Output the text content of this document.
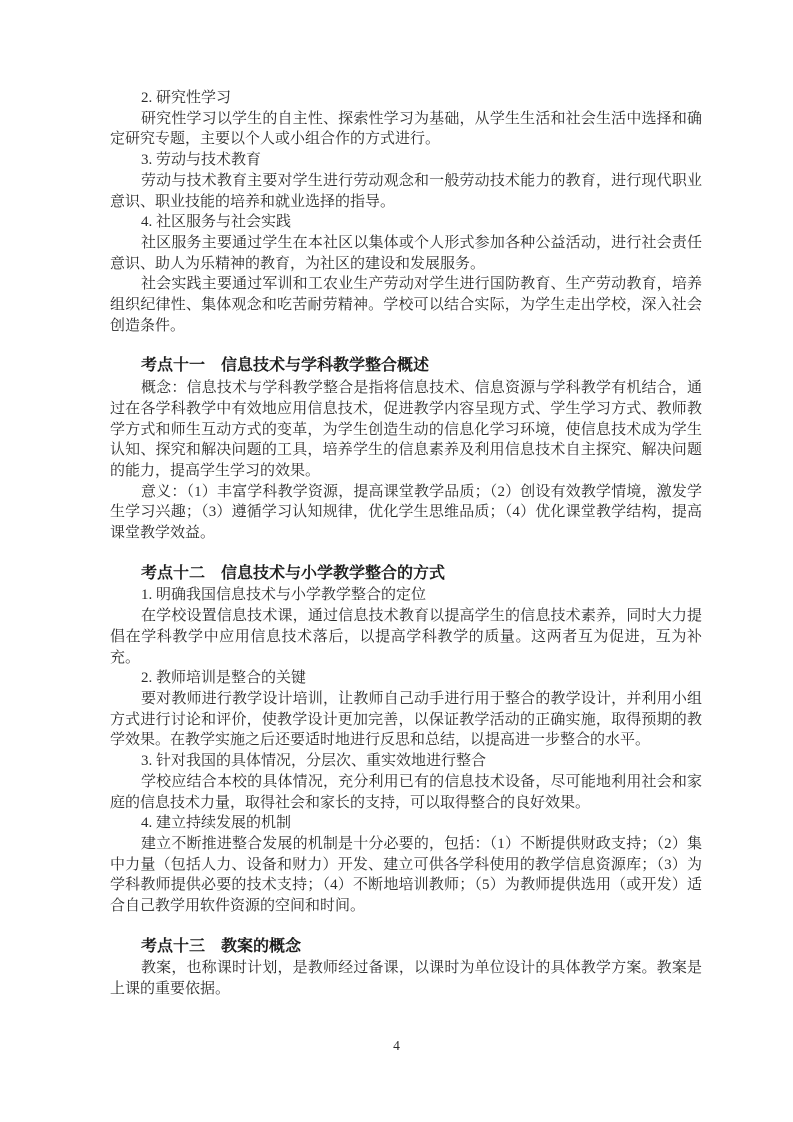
2. 研究性学习

研究性学习以学生的自主性、探索性学习为基础，从学生生活和社会生活中选择和确定研究专题，主要以个人或小组合作的方式进行。

3. 劳动与技术教育

劳动与技术教育主要对学生进行劳动观念和一般劳动技术能力的教育，进行现代职业意识、职业技能的培养和就业选择的指导。

4. 社区服务与社会实践

社区服务主要通过学生在本社区以集体或个人形式参加各种公益活动，进行社会责任意识、助人为乐精神的教育，为社区的建设和发展服务。

社会实践主要通过军训和工农业生产劳动对学生进行国防教育、生产劳动教育，培养组织纪律性、集体观念和吃苦耐劳精神。学校可以结合实际，为学生走出学校，深入社会创造条件。

考点十一　信息技术与学科教学整合概述

概念：信息技术与学科教学整合是指将信息技术、信息资源与学科教学有机结合，通过在各学科教学中有效地应用信息技术，促进教学内容呈现方式、学生学习方式、教师教学方式和师生互动方式的变革，为学生创造生动的信息化学习环境，使信息技术成为学生认知、探究和解决问题的工具，培养学生的信息素养及利用信息技术自主探究、解决问题的能力，提高学生学习的效果。

意义：（1）丰富学科教学资源，提高课堂教学品质；（2）创设有效教学情境，激发学生学习兴趣；（3）遵循学习认知规律，优化学生思维品质；（4）优化课堂教学结构，提高课堂教学效益。

考点十二　信息技术与小学教学整合的方式

1. 明确我国信息技术与小学教学整合的定位

在学校设置信息技术课，通过信息技术教育以提高学生的信息技术素养，同时大力提倡在学科教学中应用信息技术落后，以提高学科教学的质量。这两者互为促进，互为补充。

2. 教师培训是整合的关键

要对教师进行教学设计培训，让教师自己动手进行用于整合的教学设计，并利用小组方式进行讨论和评价，使教学设计更加完善，以保证教学活动的正确实施，取得预期的教学效果。在教学实施之后还要适时地进行反思和总结，以提高进一步整合的水平。

3. 针对我国的具体情况，分层次、重实效地进行整合

学校应结合本校的具体情况，充分利用已有的信息技术设备，尽可能地利用社会和家庭的信息技术力量，取得社会和家长的支持，可以取得整合的良好效果。

4. 建立持续发展的机制

建立不断推进整合发展的机制是十分必要的，包括：（1）不断提供财政支持；（2）集中力量（包括人力、设备和财力）开发、建立可供各学科使用的教学信息资源库；（3）为学科教师提供必要的技术支持；（4）不断地培训教师；（5）为教师提供选用（或开发）适合自己教学用软件资源的空间和时间。

考点十三　教案的概念

教案，也称课时计划，是教师经过备课，以课时为单位设计的具体教学方案。教案是上课的重要依据。

4
